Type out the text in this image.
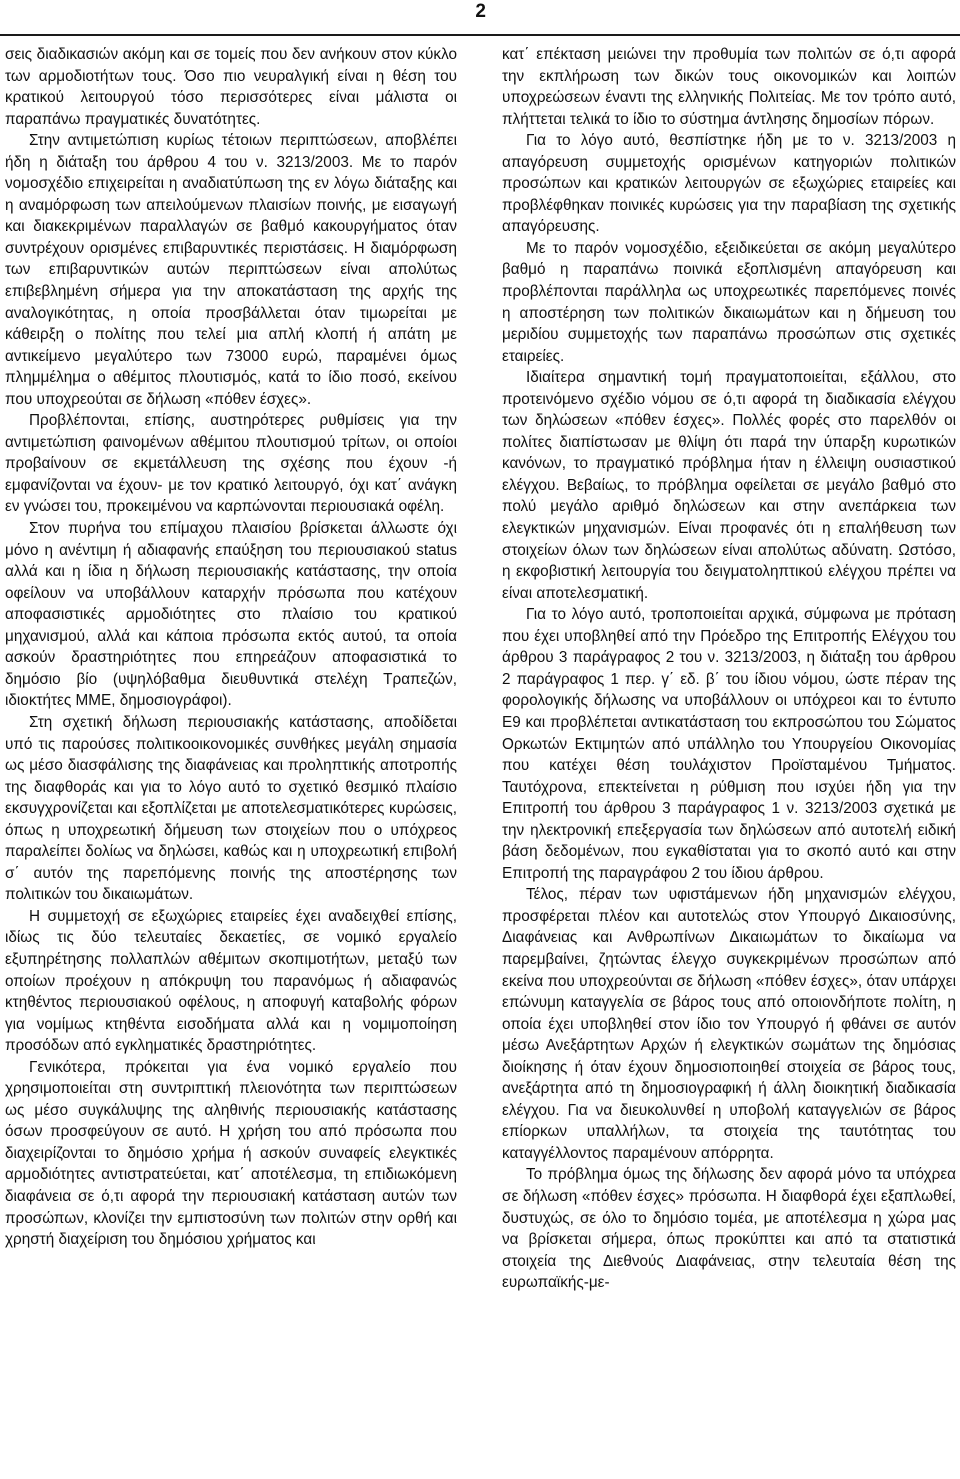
2

σεις διαδικασιών ακόμη και σε τομείς που δεν ανήκουν στον κύκλο των αρμοδιοτήτων τους. Όσο πιο νευραλγική είναι η θέση του κρατικού λειτουργού τόσο περισσότερες είναι μάλιστα οι παραπάνω πραγματικές δυνατότητες.

Στην αντιμετώπιση κυρίως τέτοιων περιπτώσεων, αποβλέπει ήδη η διάταξη του άρθρου 4 του ν. 3213/2003. Με το παρόν νομοσχέδιο επιχειρείται η αναδιατύπωση της εν λόγω διάταξης και η αναμόρφωση των απειλούμενων πλαισίων ποινής, με εισαγωγή και διακεκριμένων παραλλαγών σε βαθμό κακουργήματος όταν συντρέχουν ορισμένες επιβαρυντικές περιστάσεις. Η διαμόρφωση των επιβαρυντικών αυτών περιπτώσεων είναι απολύτως επιβεβλημένη σήμερα για την αποκατάσταση της αρχής της αναλογικότητας, η οποία προσβάλλεται όταν τιμωρείται με κάθειρξη ο πολίτης που τελεί μια απλή κλοπή ή απάτη με αντικείμενο μεγαλύτερο των 73000 ευρώ, παραμένει όμως πλημμέλημα ο αθέμιτος πλουτισμός, κατά το ίδιο ποσό, εκείνου που υποχρεούται σε δήλωση «πόθεν έσχες».

Προβλέπονται, επίσης, αυστηρότερες ρυθμίσεις για την αντιμετώπιση φαινομένων αθέμιτου πλουτισμού τρίτων, οι οποίοι προβαίνουν σε εκμετάλλευση της σχέσης που έχουν -ή εμφανίζονται να έχουν- με τον κρατικό λειτουργό, όχι κατ΄ ανάγκη εν γνώσει του, προκειμένου να καρπώνονται περιουσιακά οφέλη.

Στον πυρήνα του επίμαχου πλαισίου βρίσκεται άλλωστε όχι μόνο η ανέντιμη ή αδιαφανής επαύξηση του περιουσιακού status αλλά και η ίδια η δήλωση περιουσιακής κατάστασης, την οποία οφείλουν να υποβάλλουν καταρχήν πρόσωπα που κατέχουν αποφασιστικές αρμοδιότητες στο πλαίσιο του κρατικού μηχανισμού, αλλά και κάποια πρόσωπα εκτός αυτού, τα οποία ασκούν δραστηριότητες που επηρεάζουν αποφασιστικά το δημόσιο βίο (υψηλόβαθμα διευθυντικά στελέχη Τραπεζών, ιδιοκτήτες ΜΜΕ, δημοσιογράφοι).

Στη σχετική δήλωση περιουσιακής κατάστασης, αποδίδεται υπό τις παρούσες πολιτικοοικονομικές συνθήκες μεγάλη σημασία ως μέσο διασφάλισης της διαφάνειας και προληπτικής αποτροπής της διαφθοράς και για το λόγο αυτό το σχετικό θεσμικό πλαίσιο εκσυγχρονίζεται και εξοπλίζεται με αποτελεσματικότερες κυρώσεις, όπως η υποχρεωτική δήμευση των στοιχείων που ο υπόχρεος παραλείπει δολίως να δηλώσει, καθώς και η υποχρεωτική επιβολή σ΄ αυτόν της παρεπόμενης ποινής της αποστέρησης των πολιτικών του δικαιωμάτων.

Η συμμετοχή σε εξωχώριες εταιρείες έχει αναδειχθεί επίσης, ιδίως τις δύο τελευταίες δεκαετίες, σε νομικό εργαλείο εξυπηρέτησης πολλαπλών αθέμιτων σκοπιμοτήτων, μεταξύ των οποίων προέχουν η απόκρυψη του παρανόμως ή αδιαφανώς κτηθέντος περιουσιακού οφέλους, η αποφυγή καταβολής φόρων για νομίμως κτηθέντα εισοδήματα αλλά και η νομιμοποίηση προσόδων από εγκληματικές δραστηριότητες.

Γενικότερα, πρόκειται για ένα νομικό εργαλείο που χρησιμοποιείται στη συντριπτική πλειονότητα των περιπτώσεων ως μέσο συγκάλυψης της αληθινής περιουσιακής κατάστασης όσων προσφεύγουν σε αυτό. Η χρήση του από πρόσωπα που διαχειρίζονται το δημόσιο χρήμα ή ασκούν συναφείς ελεγκτικές αρμοδιότητες αντιστρατεύεται, κατ΄ αποτέλεσμα, τη επιδιωκόμενη διαφάνεια σε ό,τι αφορά την περιουσιακή κατάσταση αυτών των προσώπων, κλονίζει την εμπιστοσύνη των πολιτών στην ορθή και χρηστή διαχείριση του δημόσιου χρήματος και

κατ΄ επέκταση μειώνει την προθυμία των πολιτών σε ό,τι αφορά την εκπλήρωση των δικών τους οικονομικών και λοιπών υποχρεώσεων έναντι της ελληνικής Πολιτείας. Με τον τρόπο αυτό, πλήττεται τελικά το ίδιο το σύστημα άντλησης δημοσίων πόρων.

Για το λόγο αυτό, θεσπίστηκε ήδη με το ν. 3213/2003 η απαγόρευση συμμετοχής ορισμένων κατηγοριών πολιτικών προσώπων και κρατικών λειτουργών σε εξωχώριες εταιρείες και προβλέφθηκαν ποινικές κυρώσεις για την παραβίαση της σχετικής απαγόρευσης.

Με το παρόν νομοσχέδιο, εξειδικεύεται σε ακόμη μεγαλύτερο βαθμό η παραπάνω ποινικά εξοπλισμένη απαγόρευση και προβλέπονται παράλληλα ως υποχρεωτικές παρεπόμενες ποινές η αποστέρηση των πολιτικών δικαιωμάτων και η δήμευση του μεριδίου συμμετοχής των παραπάνω προσώπων στις σχετικές εταιρείες.

Ιδιαίτερα σημαντική τομή πραγματοποιείται, εξάλλου, στο προτεινόμενο σχέδιο νόμου σε ό,τι αφορά τη διαδικασία ελέγχου των δηλώσεων «πόθεν έσχες». Πολλές φορές στο παρελθόν οι πολίτες διαπίστωσαν με θλίψη ότι παρά την ύπαρξη κυρωτικών κανόνων, το πραγματικό πρόβλημα ήταν η έλλειψη ουσιαστικού ελέγχου. Βεβαίως, το πρόβλημα οφείλεται σε μεγάλο βαθμό στο πολύ μεγάλο αριθμό δηλώσεων και στην ανεπάρκεια των ελεγκτικών μηχανισμών. Είναι προφανές ότι η επαλήθευση των στοιχείων όλων των δηλώσεων είναι απολύτως αδύνατη. Ωστόσο, η εκφοβιστική λειτουργία του δειγματοληπτικού ελέγχου πρέπει να είναι αποτελεσματική.

Για το λόγο αυτό, τροποποιείται αρχικά, σύμφωνα με πρόταση που έχει υποβληθεί από την Πρόεδρο της Επιτροπής Ελέγχου του άρθρου 3 παράγραφος 2 του ν. 3213/2003, η διάταξη του άρθρου 2 παράγραφος 1 περ. γ΄ εδ. β΄ του ίδιου νόμου, ώστε πέραν της φορολογικής δήλωσης να υποβάλλουν οι υπόχρεοι και το έντυπο Ε9 και προβλέπεται αντικατάσταση του εκπροσώπου του Σώματος Ορκωτών Εκτιμητών από υπάλληλο του Υπουργείου Οικονομίας που κατέχει θέση τουλάχιστον Προϊσταμένου Τμήματος. Ταυτόχρονα, επεκτείνεται η ρύθμιση που ισχύει ήδη για την Επιτροπή του άρθρου 3 παράγραφος 1 ν. 3213/2003 σχετικά με την ηλεκτρονική επεξεργασία των δηλώσεων από αυτοτελή ειδική βάση δεδομένων, που εγκαθίσταται για το σκοπό αυτό και στην Επιτροπή της παραγράφου 2 του ίδιου άρθρου.

Τέλος, πέραν των υφιστάμενων ήδη μηχανισμών ελέγχου, προσφέρεται πλέον και αυτοτελώς στον Υπουργό Δικαιοσύνης, Διαφάνειας και Ανθρωπίνων Δικαιωμάτων το δικαίωμα να παρεμβαίνει, ζητώντας έλεγχο συγκεκριμένων προσώπων από εκείνα που υποχρεούνται σε δήλωση «πόθεν έσχες», όταν υπάρχει επώνυμη καταγγελία σε βάρος τους από οποιονδήποτε πολίτη, η οποία έχει υποβληθεί στον ίδιο τον Υπουργό ή φθάνει σε αυτόν μέσω Ανεξάρτητων Αρχών ή ελεγκτικών σωμάτων της δημόσιας διοίκησης ή όταν έχουν δημοσιοποιηθεί στοιχεία σε βάρος τους, ανεξάρτητα από τη δημοσιογραφική ή άλλη διοικητική διαδικασία ελέγχου. Για να διευκολυνθεί η υποβολή καταγγελιών σε βάρος επίορκων υπαλλήλων, τα στοιχεία της ταυτότητας του καταγγέλλοντος παραμένουν απόρρητα.

Το πρόβλημα όμως της δήλωσης δεν αφορά μόνο τα υπόχρεα σε δήλωση «πόθεν έσχες» πρόσωπα. Η διαφθορά έχει εξαπλωθεί, δυστυχώς, σε όλο το δημόσιο τομέα, με αποτέλεσμα η χώρα μας να βρίσκεται σήμερα, όπως προκύπτει και από τα στατιστικά στοιχεία της Διεθνούς Διαφάνειας, στην τελευταία θέση της ευρωπαϊκής-με-
